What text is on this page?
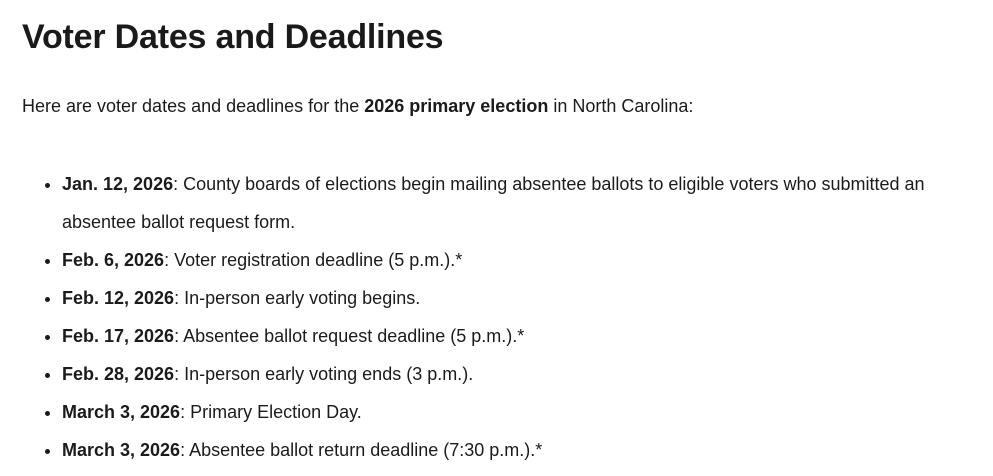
Voter Dates and Deadlines

Here are voter dates and deadlines for the 2026 primary election in North Carolina:

• Jan. 12, 2026: County boards of elections begin mailing absentee ballots to eligible voters who submitted an absentee ballot request form.
• Feb. 6, 2026: Voter registration deadline (5 p.m.).*
• Feb. 12, 2026: In-person early voting begins.
• Feb. 17, 2026: Absentee ballot request deadline (5 p.m.).*
• Feb. 28, 2026: In-person early voting ends (3 p.m.).
• March 3, 2026: Primary Election Day.
• March 3, 2026: Absentee ballot return deadline (7:30 p.m.).*
